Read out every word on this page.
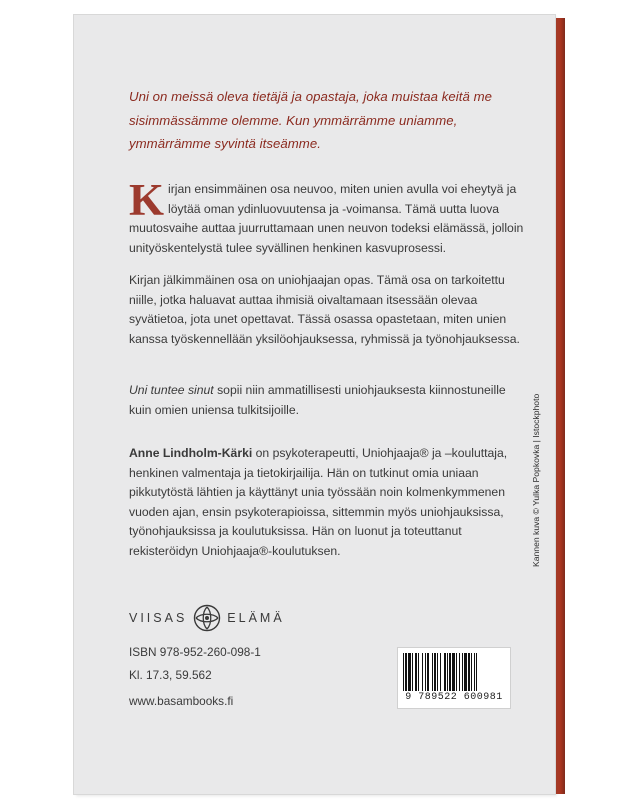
Uni on meissä oleva tietäjä ja opastaja, joka muistaa keitä me sisimmässämme olemme. Kun ymmärrämme uniamme, ymmärrämme syvintä itseämme.

Kirjan ensimmäinen osa neuvoo, miten unien avulla voi eheytyä ja löytää oman ydinluovuutensa ja -voimansa. Tämä uutta luova muutosvaihe auttaa juurruttamaan unen neuvon todeksi elämässä, jolloin unityöskentelystä tulee syvällinen henkinen kasvuprosessi.

Kirjan jälkimmäinen osa on uniohjaajan opas. Tämä osa on tarkoitettu niille, jotka haluavat auttaa ihmisiä oivaltamaan itsessään olevaa syvätietoa, jota unet opettavat. Tässä osassa opastetaan, miten unien kanssa työskennellään yksilöohjauksessa, ryhmissä ja työnohjauksessa.

Uni tuntee sinut sopii niin ammatillisesti uniohjauksesta kiinnostuneille kuin omien uniensa tulkitsijoille.

Anne Lindholm-Kärki on psykoterapeutti, Uniohjaaja® ja –kouluttaja, henkinen valmentaja ja tietokirjailija. Hän on tutkinut omia uniaan pikkutytöstä lähtien ja käyttänyt unia työssään noin kolmenkymmenen vuoden ajan, ensin psykoterapioissa, sittemmin myös uniohjauksissa, työnohjauksissa ja koulutuksissa. Hän on luonut ja toteuttanut rekisteröidyn Uniohjaaja®-koulutuksen.

VIISAS	ELÄMÄ
ISBN 978-952-260-098-1
Kl. 17.3, 59.562
www.basambooks.fi	9 789522 600981
Kannen kuva © Yulka Popkovka | Istockphoto
